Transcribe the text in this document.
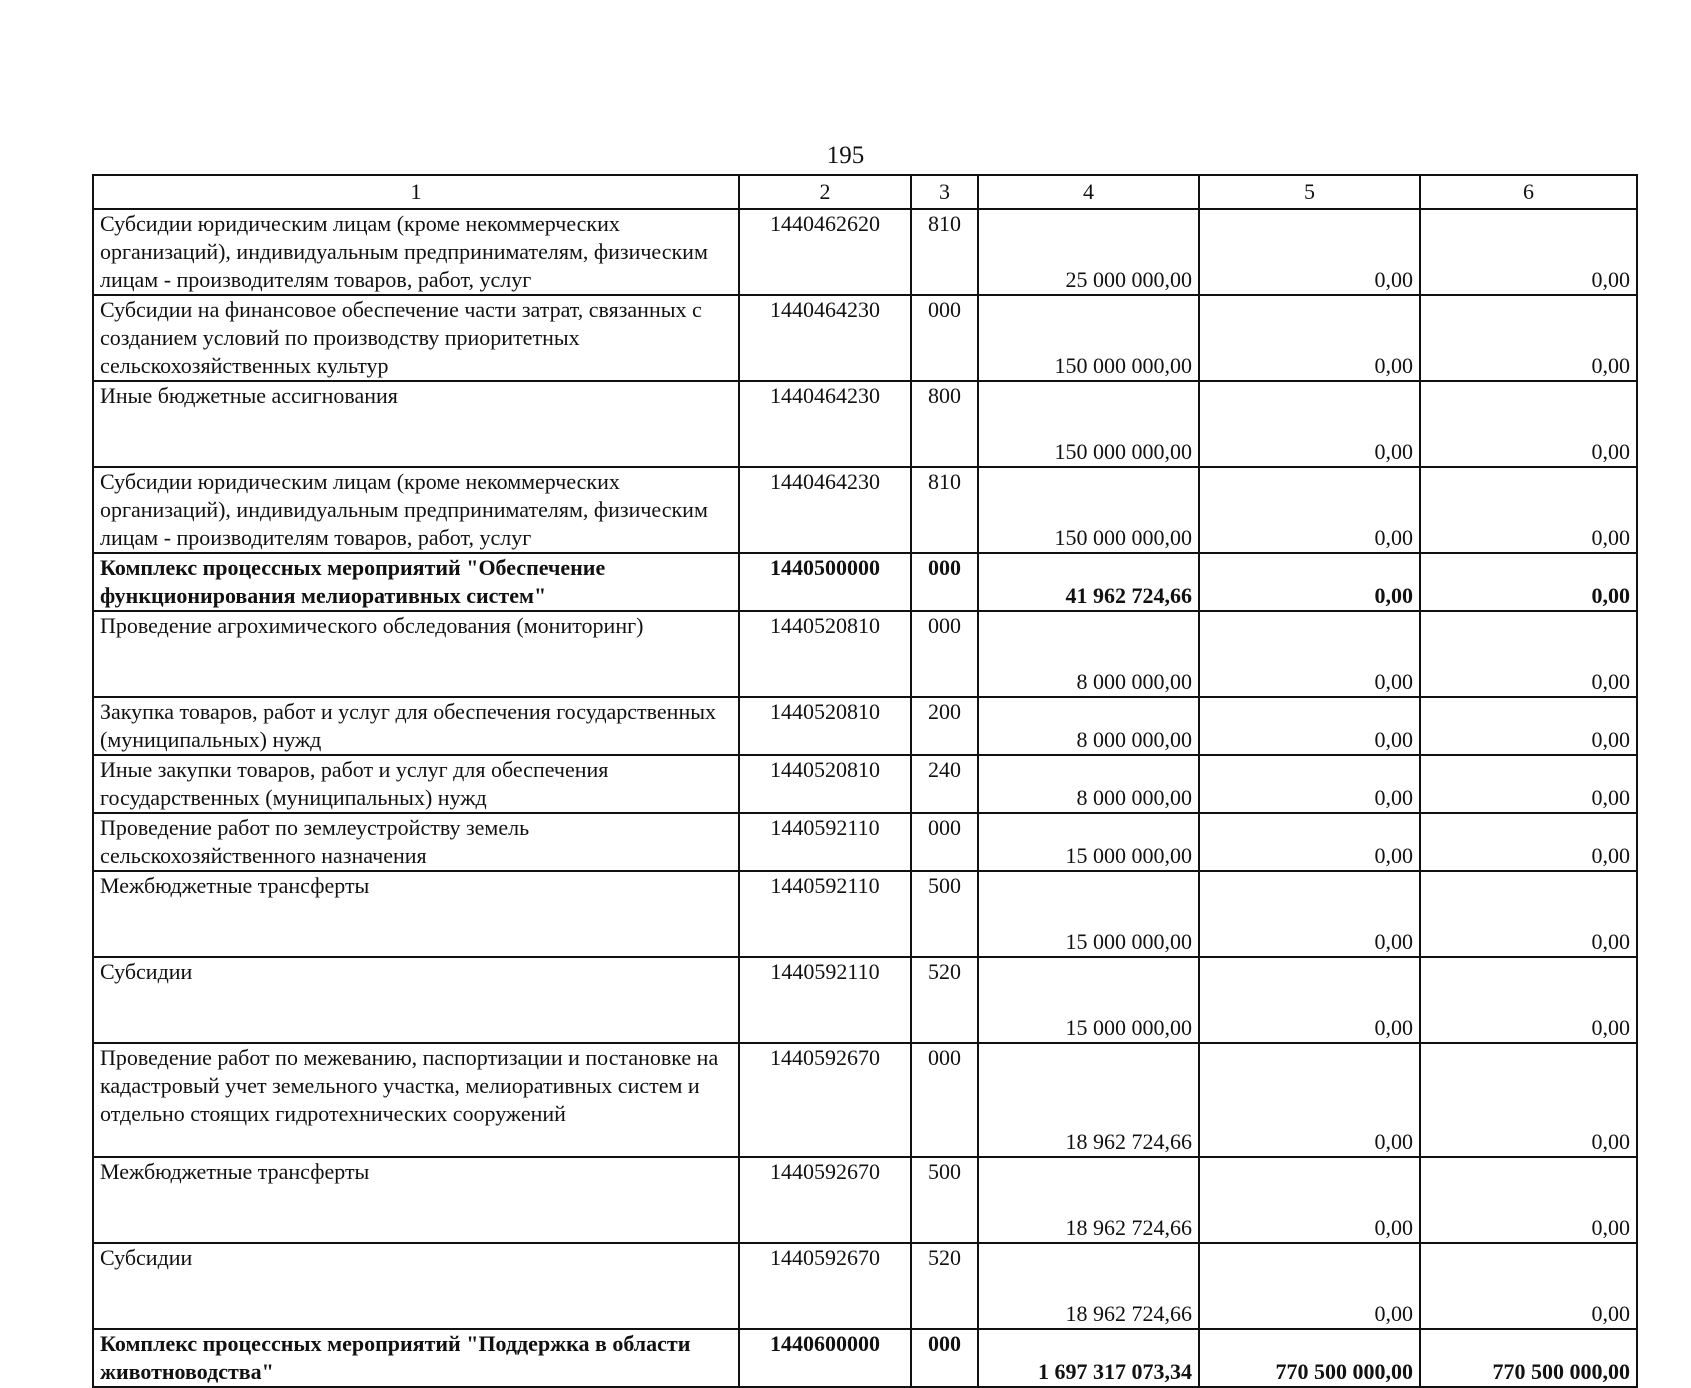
195
1	2	3	4	5	6
Субсидии юридическим лицам (кроме некоммерческих организаций), индивидуальным предпринимателям, физическим лицам - производителям товаров, работ, услуг	1440462620	810	25 000 000,00	0,00	0,00
Субсидии на финансовое обеспечение части затрат, связанных с созданием условий по производству приоритетных сельскохозяйственных культур	1440464230	000	150 000 000,00	0,00	0,00
Иные бюджетные ассигнования	1440464230	800	150 000 000,00	0,00	0,00
Субсидии юридическим лицам (кроме некоммерческих организаций), индивидуальным предпринимателям, физическим лицам - производителям товаров, работ, услуг	1440464230	810	150 000 000,00	0,00	0,00
Комплекс процессных мероприятий "Обеспечение функционирования мелиоративных систем"	1440500000	000	41 962 724,66	0,00	0,00
Проведение агрохимического обследования (мониторинг)	1440520810	000	8 000 000,00	0,00	0,00
Закупка товаров, работ и услуг для обеспечения государственных (муниципальных) нужд	1440520810	200	8 000 000,00	0,00	0,00
Иные закупки товаров, работ и услуг для обеспечения государственных (муниципальных) нужд	1440520810	240	8 000 000,00	0,00	0,00
Проведение работ по землеустройству земель сельскохозяйственного назначения	1440592110	000	15 000 000,00	0,00	0,00
Межбюджетные трансферты	1440592110	500	15 000 000,00	0,00	0,00
Субсидии	1440592110	520	15 000 000,00	0,00	0,00
Проведение работ по межеванию, паспортизации и постановке на кадастровый учет земельного участка, мелиоративных систем и отдельно стоящих гидротехнических сооружений	1440592670	000	18 962 724,66	0,00	0,00
Межбюджетные трансферты	1440592670	500	18 962 724,66	0,00	0,00
Субсидии	1440592670	520	18 962 724,66	0,00	0,00
Комплекс процессных мероприятий "Поддержка в области животноводства"	1440600000	000	1 697 317 073,34	770 500 000,00	770 500 000,00
